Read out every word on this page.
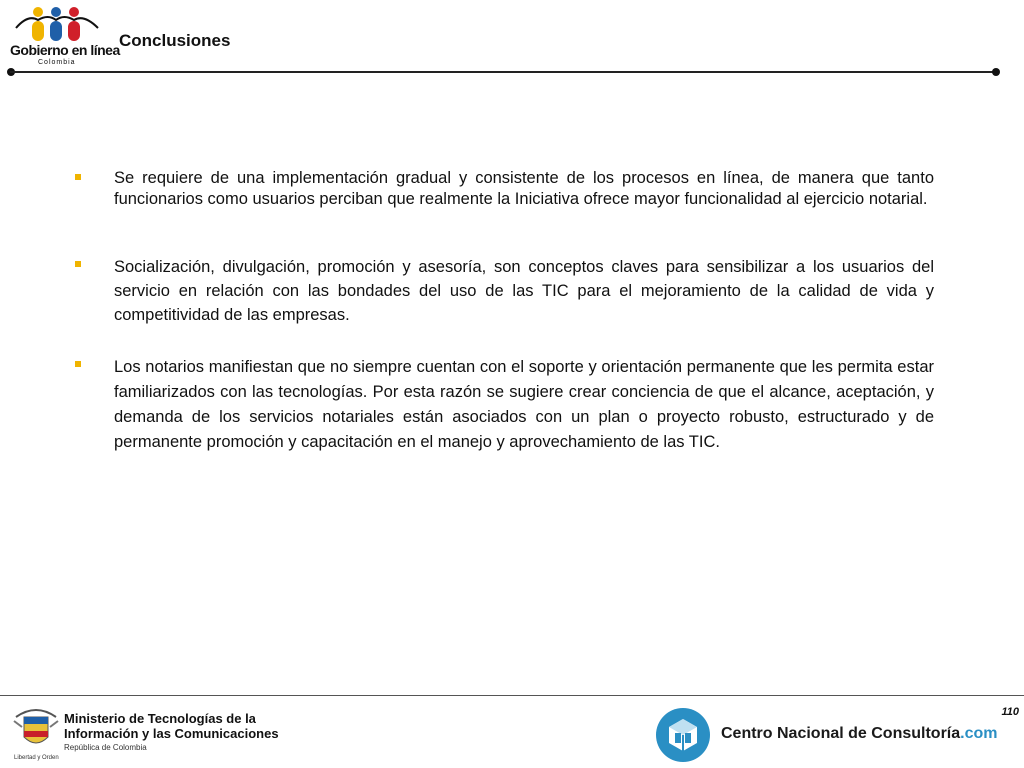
Gobierno en línea
Colombia
Conclusiones

Se requiere de una implementación gradual y consistente de los procesos en línea, de manera que tanto funcionarios como usuarios perciban que realmente la Iniciativa ofrece mayor funcionalidad al ejercicio notarial.

Socialización, divulgación, promoción y asesoría, son conceptos claves para sensibilizar a los usuarios del servicio en relación con las bondades del uso de las TIC para el mejoramiento de la calidad de vida y competitividad de las empresas.

Los notarios manifiestan que no siempre cuentan con el soporte y orientación permanente que les permita estar familiarizados con las tecnologías. Por esta razón se sugiere crear conciencia de que el alcance, aceptación, y demanda de los servicios notariales están asociados con un plan o proyecto robusto, estructurado y de permanente promoción y capacitación en el manejo y aprovechamiento de las TIC.

110
Ministerio de Tecnologías de la
Información y las Comunicaciones
República de Colombia
Libertad y Orden
Centro Nacional de Consultoría.com
